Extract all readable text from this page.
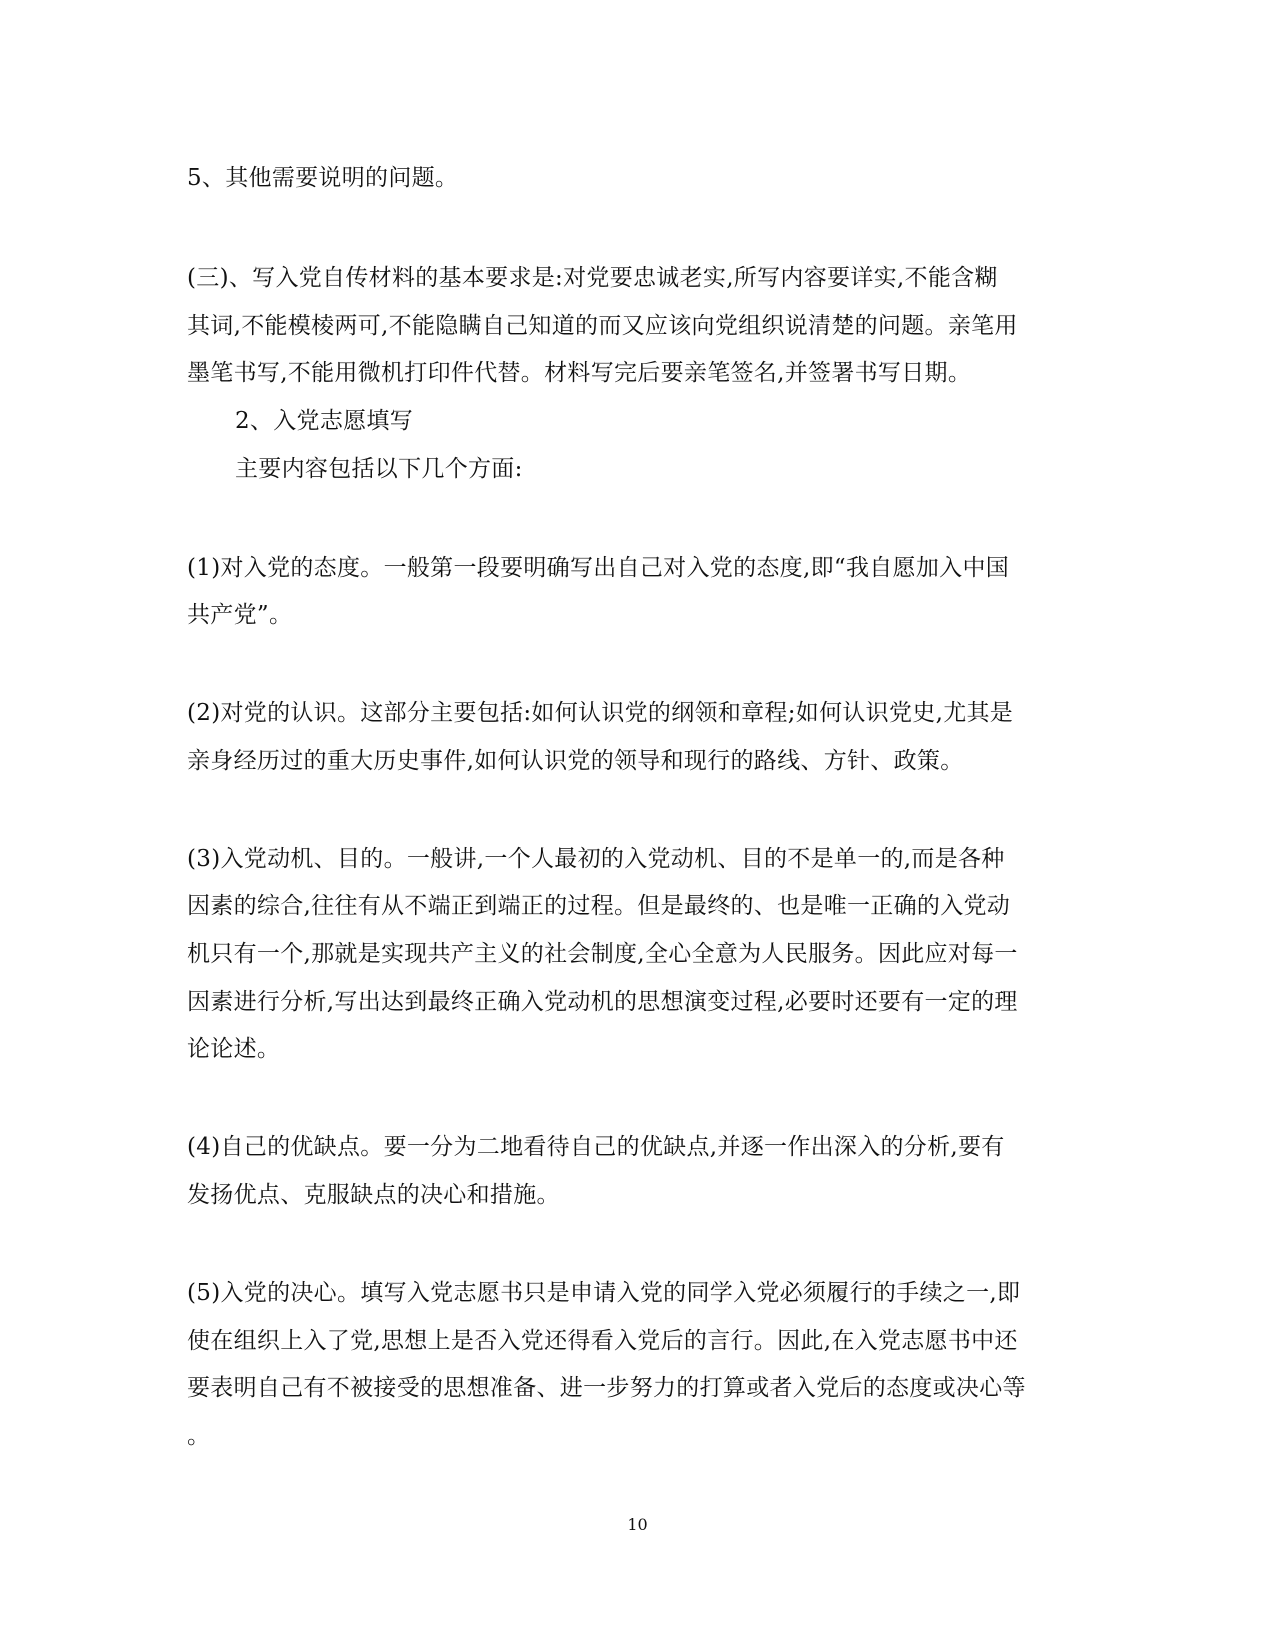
5、其他需要说明的问题。
(三)、写入党自传材料的基本要求是:对党要忠诚老实,所写内容要详实,不能含糊
其词,不能模棱两可,不能隐瞒自己知道的而又应该向党组织说清楚的问题。亲笔用
墨笔书写,不能用微机打印件代替。材料写完后要亲笔签名,并签署书写日期。
2、入党志愿填写
主要内容包括以下几个方面:
(1)对入党的态度。一般第一段要明确写出自己对入党的态度,即“我自愿加入中国
共产党”。
(2)对党的认识。这部分主要包括:如何认识党的纲领和章程;如何认识党史,尤其是
亲身经历过的重大历史事件,如何认识党的领导和现行的路线、方针、政策。
(3)入党动机、目的。一般讲,一个人最初的入党动机、目的不是单一的,而是各种
因素的综合,往往有从不端正到端正的过程。但是最终的、也是唯一正确的入党动
机只有一个,那就是实现共产主义的社会制度,全心全意为人民服务。因此应对每一
因素进行分析,写出达到最终正确入党动机的思想演变过程,必要时还要有一定的理
论论述。
(4)自己的优缺点。要一分为二地看待自己的优缺点,并逐一作出深入的分析,要有
发扬优点、克服缺点的决心和措施。
(5)入党的决心。填写入党志愿书只是申请入党的同学入党必须履行的手续之一,即
使在组织上入了党,思想上是否入党还得看入党后的言行。因此,在入党志愿书中还
要表明自己有不被接受的思想准备、进一步努力的打算或者入党后的态度或决心等
。
10
